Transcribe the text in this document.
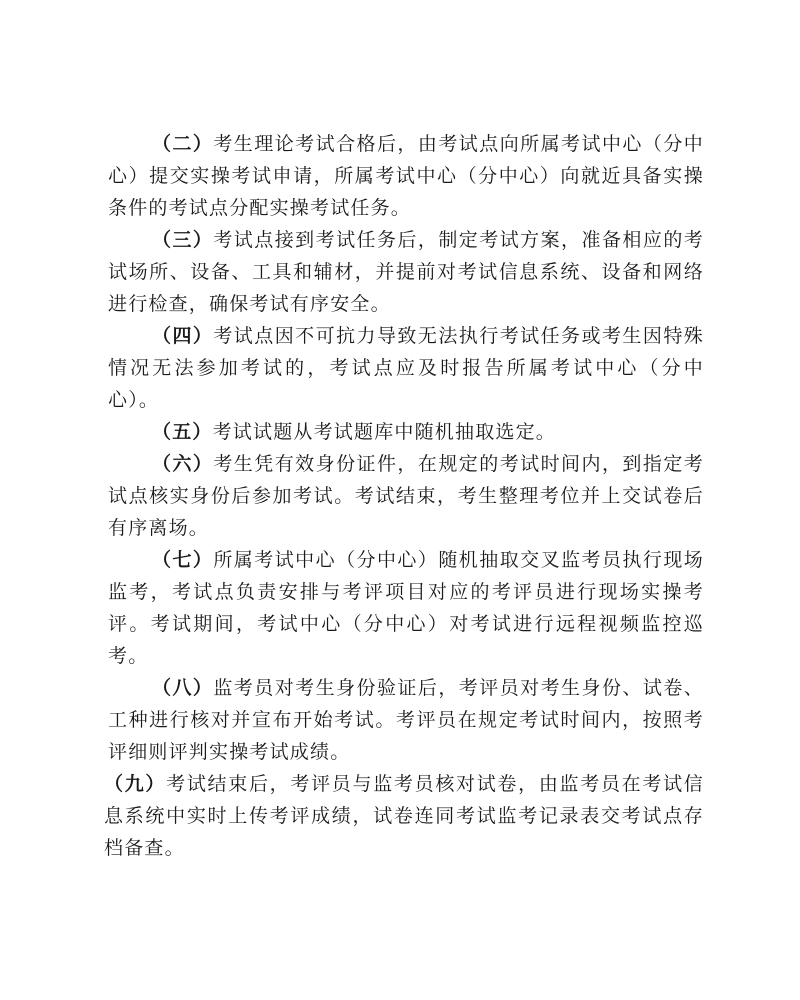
（二）考生理论考试合格后，由考试点向所属考试中心（分中心）提交实操考试申请，所属考试中心（分中心）向就近具备实操条件的考试点分配实操考试任务。

（三）考试点接到考试任务后，制定考试方案，准备相应的考试场所、设备、工具和辅材，并提前对考试信息系统、设备和网络进行检查，确保考试有序安全。

（四）考试点因不可抗力导致无法执行考试任务或考生因特殊情况无法参加考试的，考试点应及时报告所属考试中心（分中心）。

（五）考试试题从考试题库中随机抽取选定。

（六）考生凭有效身份证件，在规定的考试时间内，到指定考试点核实身份后参加考试。考试结束，考生整理考位并上交试卷后有序离场。

（七）所属考试中心（分中心）随机抽取交叉监考员执行现场监考，考试点负责安排与考评项目对应的考评员进行现场实操考评。考试期间，考试中心（分中心）对考试进行远程视频监控巡考。

（八）监考员对考生身份验证后，考评员对考生身份、试卷、工种进行核对并宣布开始考试。考评员在规定考试时间内，按照考评细则评判实操考试成绩。

（九）考试结束后，考评员与监考员核对试卷，由监考员在考试信息系统中实时上传考评成绩，试卷连同考试监考记录表交考试点存档备查。
